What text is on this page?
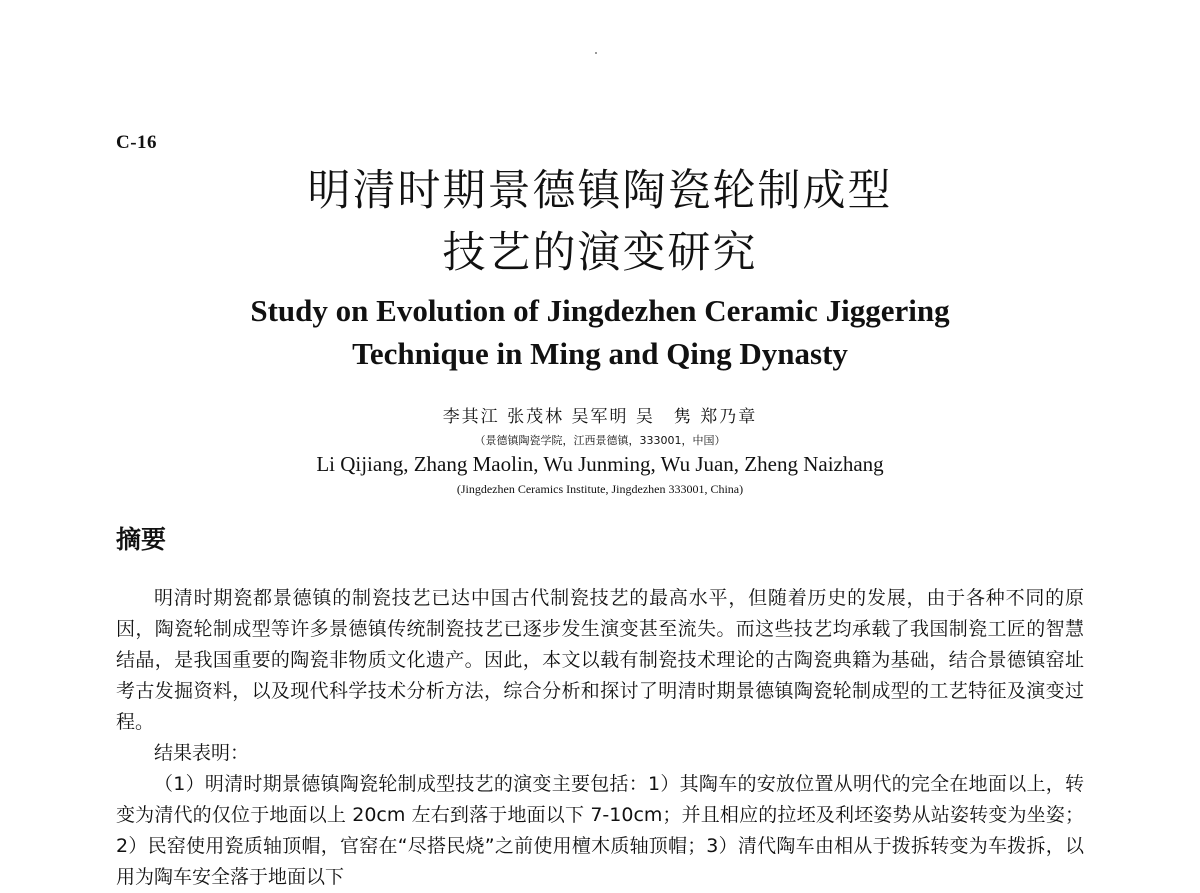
C-16
明清时期景德镇陶瓷轮制成型
技艺的演变研究
Study on Evolution of Jingdezhen Ceramic Jiggering
Technique in Ming and Qing Dynasty
李其江 张茂林 吴军明 吴　隽 郑乃章
（景德镇陶瓷学院，江西景德镇，333001，中国）
Li Qijiang, Zhang Maolin, Wu Junming, Wu Juan, Zheng Naizhang
(Jingdezhen Ceramics Institute, Jingdezhen 333001, China)
摘要

明清时期瓷都景德镇的制瓷技艺已达中国古代制瓷技艺的最高水平，但随着历史的发展，由于各种不同的原因，陶瓷轮制成型等许多景德镇传统制瓷技艺已逐步发生演变甚至流失。而这些技艺均承载了我国制瓷工匠的智慧结晶，是我国重要的陶瓷非物质文化遗产。因此，本文以载有制瓷技术理论的古陶瓷典籍为基础，结合景德镇窑址考古发掘资料，以及现代科学技术分析方法，综合分析和探讨了明清时期景德镇陶瓷轮制成型的工艺特征及演变过程。

结果表明：

（1）明清时期景德镇陶瓷轮制成型技艺的演变主要包括：1）其陶车的安放位置从明代的完全在地面以上，转变为清代的仅位于地面以上 20cm 左右到落于地面以下 7-10cm；并且相应的拉坯及利坯姿势从站姿转变为坐姿；2）民窑使用瓷质轴顶帽，官窑在“尽搭民烧”之前使用檀木质轴顶帽；3）清代陶车由相从于拨拆转变为车拨拆，以用为陶车安全落于地面以下
